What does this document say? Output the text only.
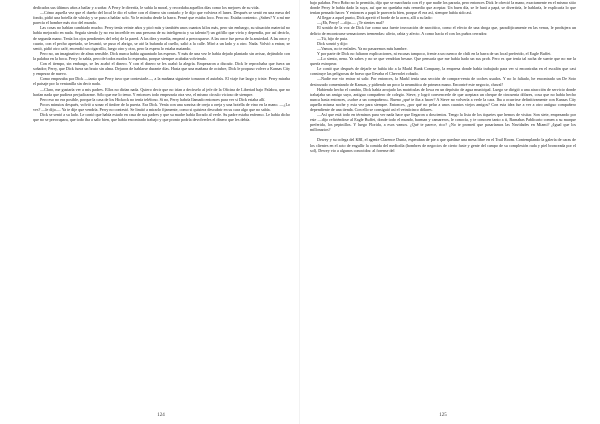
dedicados sus últimos años a bailar y a soñar. A Perry le divertía, le subía la moral, y recordaba aquellos días como los mejores de su vida.

—Cómo aquella vez que el dueño del local le dio el sobre con el dinero sin contarlo y le dijo que volviera el lunes. Después se sentó en una mesa del fondo, pidió una botella de whisky y se puso a hablar solo. Yo le miraba desde la barra. Pensé que estaba loco. Pero no. Estaba contento. ¿Sabes? Y a mí me parecía el hombre más rico del mundo.

Las cosas no habían cambiado mucho. Perry tenía veinte años y picó más y también unos cuantos kilos más, pero sin embargo, su situación material no había mejorado en nada. Seguía siendo (y no era increíble en una persona de su inteligencia y su talento?) un grifillo que vivía y dependía, por así decirlo, de segunda mano. Tenía los ojos pendientes del reloj de la pared. A las diez y media, empezó a preocuparse. A las once fue presa de la ansiedad. A las once y cuarto, con el pecho apretado, se levantó, se puso el abrigo, se ató la bufanda al cuello, salió a la calle. Miró a un lado y a otro. Nada. Volvió a entrar, se sentó, pidió otro café, encendió un cigarrillo, luego otro y otro, pero la espera lo estaba matando.

Pero no, un imaginativo de alma sensible. Dick nunca había aguantado las esperas. Y más de una vez le había dejado plantado sin avisar, dejándolo con la palabra en la boca. Perry lo sabía, pero de todos modos lo esperaba, porque siempre acababa volviendo.

Con el tiempo, sin embargo, se les acabó el dinero. Y con el dinero se les acabó la alegría. Empezaron a discutir. Dick le reprochaba que fuera un soñador; Perry, que Dick fuera un bruto sin alma. Dejaron de hablarse durante días. Hasta que una mañana de octubre, Dick le propuso volver a Kansas City y empezar de nuevo.

Como empezaba por Dick —tanto que Perry tuvo que contestarle—, a la mañana siguiente tomaron el autobús. El viaje fue largo y triste. Perry miraba el paisaje por la ventanilla sin decir nada.

—Claro, me gustaría ver a mis padres. Ellos no dirían nada. Quiero decir que no irían a decírselo al jefe de la Oficina de Libertad bajo Palabra, que no harían nada que pudiera perjudicarme. Sólo que me lo temo. Y entonces todo empezaría otra vez, el mismo círculo vicioso de siempre.

Pero eso no era posible, porque la casa de los Hickock no tenía teléfono. Si no, Perry habría llamado entonces para ver si Dick estaba allí.

Pocos minutos después, volvió a sonar el timbre de la puerta. Era Dick. Venía con una sonrisa de oreja a oreja y una botella de vino en la mano. —¿Lo ves? —le dijo—. Ya te dije que vendría. Perry no contestó. Se limitó a mirarlo fijamente, como si quisiera descubrir en su cara algo que no sabía.

Dick se sentó a su lado. Le contó que había estado en casa de sus padres y que su madre había llorado al verle. Su padre estaba enfermo. Le había dicho que no se preocupara, que todo iba a salir bien, que había encontrado trabajo y que pronto podría devolverles el dinero que les debía.

124

bajo palabra. Pero Bobo no lo permitía, dijo que se marcharía con él y que nadie los pararía, pero entonces Dick le ofreció la mano, exactamente en el mismo sitio donde Perry le había dado la suya, así que no quedaba más remedio que aceptar. Un buen día, se le hará a papá, se divertiría, le hablaría, le explicaría lo que tenían pensado hacer. Y entonces a papá le parecería bien, porque él era así, siempre había sido así.

Al llegar a aquel punto, Dick apretó el borde de la acera, allí a su lado:

—¡Eh, Perry! —dijo—. ¿Te sientes mal?

El sonido de la voz de Dick fue como una fuerte invocación de narcótico, como el efecto de una droga que, paradójicamente en las venas, le produjera un delirio de encontrarse sensaciones tremendas: alivio, rabia y afecto. A como hacía el con los puños cerrados:

—Tú, hijo de puta.

Dick sonrió y dijo:

—Vamos, no te enfades. Ya no pasaremos más hambre.

Y por parte de Dick no faltaron explicaciones, ni escasas tampoco, frente a un cuenco de chili en la barra de un local preferido, el Eagle Buffet.

—Lo siento, nena. Ya sabes y no se que vendrían besase. Que pensaría que me había hado un sus prob. Pero es que tenía tal racha de suerte que no me la quería estropear.

Le contó que después de dejarle se había ido a la Markl Bunk Company, la empresa donde había trabajado para ver si encontraba en el escalón que casi construye las peligrosas de bravo que llevaba el Chevrolet robado.

—Nadie me vio entrar ni salir. Por entonces, la Markl tenía una sección de compra-venta de coches usados. Y no lo faltado, he encontrado un De Soto destrozado comentando de Kansas, y pidiendo un poco la neumática de primera mano. Encontré este negocio, chaval!

Habiendo hecho el cambio, Dick había arrojado las matrículas de Iowa en un depósito de agua municipal. Luego se dirigió a una atracción de servicio donde trabajaba un amigo suyo, antiguo compañero de colegio. Steve, y logró convencerle de que aceptara un cheque de cincuenta dólares, cosa que no había hecho nunca hasta entonces, «sobre a un compañero». Bueno ¿qué te iba a hacer? A Steve no volvería a verle la cara. Iba a ocurrirse definitivamente con Kansas City aquella misma noche y esta vez para siempre. Entonces, ¿por qué no pelar a unos cuantos viejos amigos? Con esta idea fue a ver a otro antiguo compañero dependiente de una tienda. Con ello se consiguió así el veinticinco dólares.

—Así que está todo en términos para ver nada hace que llegaron a doscientos. Tengo la lista de los tiquetes que hemos de visitar. Son siete, empezando por este —dijo refiriéndose al Eagle Buffet, donde todo el mundo, barman y camareros, le conocía, y te conocen tanto a ti, Barnabas Pablicario comen a su marque preferida, los pepinillos. Y luego Florida, a esos vamos. ¿Qué te parece, rico? ¿No te prometí que pasaríamos las Navidades en Miami? ¿Igual que los millonarios?

Dewey y su colega del KBI, el agente Clarence Duntz, esperaban de pie a que quedase una mesa libre en el Trail Room. Contemplando la galería de caras de los clientes en el acto de engullir la comida del mediodía (hombres de negocios de cierto fuste y gente del campo de su complexión ruda y piel bronceada por el sol), Dewey vio a algunos conocidos: al forense del

125
